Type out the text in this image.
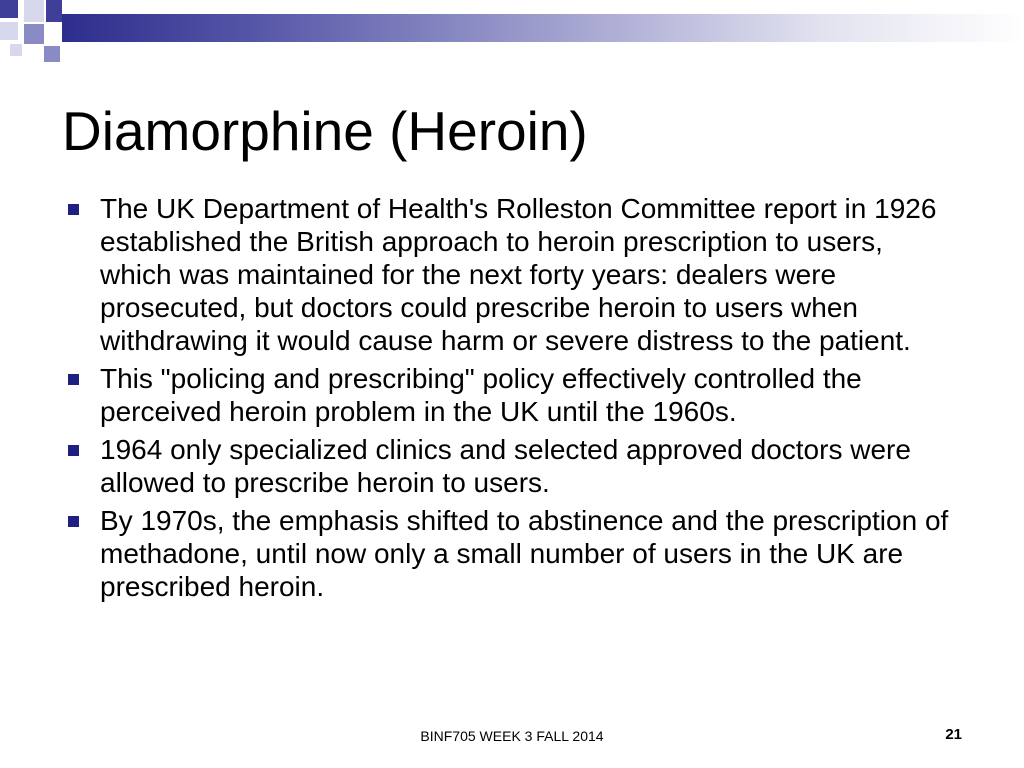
Diamorphine (Heroin)
The UK Department of Health's Rolleston Committee report in 1926 established the British approach to heroin prescription to users, which was maintained for the next forty years: dealers were prosecuted, but doctors could prescribe heroin to users when withdrawing it would cause harm or severe distress to the patient.
This "policing and prescribing" policy effectively controlled the perceived heroin problem in the UK until the 1960s.
1964 only specialized clinics and selected approved doctors were allowed to prescribe heroin to users.
By 1970s, the emphasis shifted to abstinence and the prescription of methadone, until now only a small number of users in the UK are prescribed heroin.
BINF705 WEEK 3 FALL 2014	21
